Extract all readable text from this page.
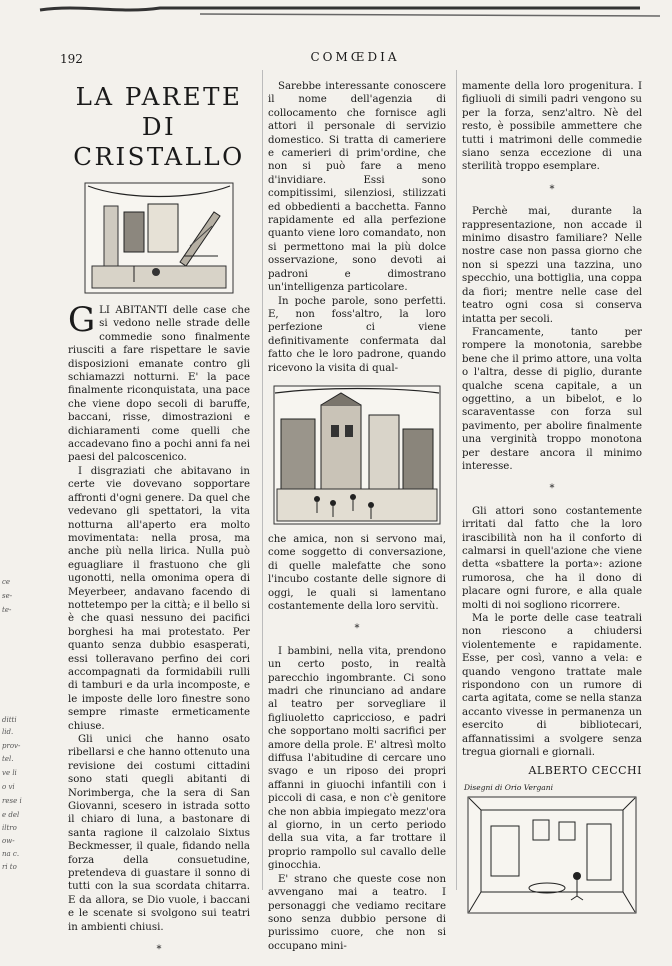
192	COMŒDIA
LA PARETE
DI CRISTALLO

GLI ABITANTI delle case che si vedono nelle strade delle commedie sono finalmente riusciti a fare rispettare le savie disposizioni emanate contro gli schiamazzi notturni. E' la pace finalmente riconquistata, una pace che viene dopo secoli di baruffe, baccani, risse, dimostrazioni e dichiaramenti come quelli che accadevano fino a pochi anni fa nei paesi del palcoscenico.

I disgraziati che abitavano in certe vie dovevano sopportare affronti d'ogni genere. Da quel che vedevano gli spettatori, la vita notturna all'aperto era molto movimentata: nella prosa, ma anche più nella lirica. Nulla può eguagliare il frastuono che gli ugonotti, nella omonima opera di Meyerbeer, andavano facendo di nottetempo per la città; e il bello si è che quasi nessuno dei pacifici borghesi ha mai protestato. Per quanto senza dubbio esasperati, essi tolleravano perfino dei cori accompagnati da formidabili rulli di tamburi e da urla incomposte, e le imposte delle loro finestre sono sempre rimaste ermeticamente chiuse.

Gli unici che hanno osato ribellarsi e che hanno ottenuto una revisione dei costumi cittadini sono stati quegli abitanti di Norimberga, che la sera di San Giovanni, scesero in istrada sotto il chiaro di luna, a bastonare di santa ragione il calzolaio Sixtus Beckmesser, il quale, fidando nella forza della consuetudine, pretendeva di guastare il sonno di tutti con la sua scordata chitarra. E da allora, se Dio vuole, i baccani e le scenate si svolgono sui teatri in ambienti chiusi.

*

Sarebbe interessante conoscere il nome dell'agenzia di collocamento che fornisce agli attori il personale di servizio domestico. Si tratta di cameriere e camerieri di prim'ordine, che non si può fare a meno d'invidiare. Essi sono compitissimi, silenziosi, stilizzati ed obbedienti a bacchetta. Fanno rapidamente ed alla perfezione quanto viene loro comandato, non si permettono mai la più dolce osservazione, sono devoti ai padroni e dimostrano un'intelligenza particolare.

In poche parole, sono perfetti. E, non foss'altro, la loro perfezione ci viene definitivamente confermata dal fatto che le loro padrone, quando ricevono la visita di qual-

che amica, non si servono mai, come soggetto di conversazione, di quelle malefatte che sono l'incubo costante delle signore di oggi, le quali si lamentano costantemente della loro servitù.

*

I bambini, nella vita, prendono un certo posto, in realtà parecchio ingombrante. Ci sono madri che rinunciano ad andare al teatro per sorvegliare il figliuoletto capriccioso, e padri che sopportano molti sacrifici per amore della prole. E' altresì molto diffusa l'abitudine di cercare uno svago e un riposo dei propri affanni in giuochi infantili con i piccoli di casa, e non c'è genitore che non abbia impiegato mezz'ora al giorno, in un certo periodo della sua vita, a far trottare il proprio rampollo sul cavallo delle ginocchia.

E' strano che queste cose non avvengano mai a teatro. I personaggi che vediamo recitare sono senza dubbio persone di purissimo cuore, che non si occupano mini-

mamente della loro progenitura. I figliuoli di simili padri vengono su per la forza, senz'altro. Nè del resto, è possibile ammettere che tutti i matrimoni delle commedie siano senza eccezione di una sterilità troppo esemplare.

*

Perchè mai, durante la rappresentazione, non accade il minimo disastro familiare? Nelle nostre case non passa giorno che non si spezzi una tazzina, uno specchio, una bottiglia, una coppa da fiori; mentre nelle case del teatro ogni cosa si conserva intatta per secoli.

Francamente, tanto per rompere la monotonia, sarebbe bene che il primo attore, una volta o l'altra, desse di piglio, durante qualche scena capitale, a un oggettino, a un bibelot, e lo scaraventasse con forza sul pavimento, per abolire finalmente una verginità troppo monotona per destare ancora il minimo interesse.

*

Gli attori sono costantemente irritati dal fatto che la loro irascibilità non ha il conforto di calmarsi in quell'azione che viene detta «sbattere la porta»: azione rumorosa, che ha il dono di placare ogni furore, e alla quale molti di noi sogliono ricorrere.

Ma le porte delle case teatrali non riescono a chiudersi violentemente e rapidamente. Esse, per così, vanno a vela: e quando vengono trattate male rispondono con un rumore di carta agitata, come se nella stanza accanto vivesse in permanenza un esercito di bibliotecari, affannatissimi a svolgere senza tregua giornali e giornali.

ALBERTO CECCHI
Disegni di Orio Vergani
ce
se-
te-
ditti
lid.
prov-
tel.
ve li
o vi
rese i
e del
iltro
ow-
na c.
ri to
